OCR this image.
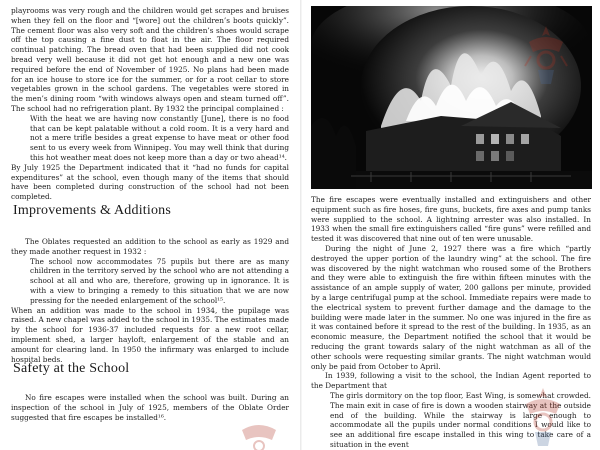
playrooms was very rough and the children would get scrapes and bruises when they fell on the floor and “[wore] out the children’s boots quickly”. The cement floor was also very soft and the children’s shoes would scrape off the top causing a fine dust to float in the air. The floor required continual patching. The bread oven that had been supplied did not cook bread very well because it did not get hot enough and a new one was required before the end of November of 1925. No plans had been made for an ice house to store ice for the summer, or for a root cellar to store vegetables grown in the school gardens. The vegetables were stored in the men’s dining room “with windows always open and steam turned off”. The school had no refrigeration plant. By 1932 the principal complained :

With the heat we are having now constantly [June], there is no food that can be kept palatable without a cold room. It is a very hard and not a mere trifle besides a great expense to have meat or other food sent to us every week from Winnipeg. You may well think that during this hot weather meat does not keep more than a day or two ahead¹⁴.

By July 1925 the Department indicated that it “had no funds for capital expenditures” at the school, even though many of the items that should have been completed during construction of the school had not been completed.

Improvements & Additions

The Oblates requested an addition to the school as early as 1929 and they made another request in 1932 :

The school now accommodates 75 pupils but there are as many children in the territory served by the school who are not attending a school at all and who are, therefore, growing up in ignorance. It is with a view to bringing a remedy to this situation that we are now pressing for the needed enlargement of the school¹⁵.

When an addition was made to the school in 1934, the pupilage was raised. A new chapel was added to the school in 1935. The estimates made by the school for 1936-37 included requests for a new root cellar, implement shed, a larger hayloft, enlargement of the stable and an amount for clearing land. In 1950 the infirmary was enlarged to include hospital beds.

Safety at the School

No fire escapes were installed when the school was built. During an inspection of the school in July of 1925, members of the Oblate Order suggested that fire escapes be installed¹⁶.

The fire escapes were eventually installed and extinguishers and other equipment such as fire hoses, fire guns, buckets, fire axes and pump tanks were supplied to the school. A lightning arrester was also installed. In 1933 when the small fire extinguishers called “fire guns” were refilled and tested it was discovered that nine out of ten were unusable.

During the night of June 2, 1927 there was a fire which “partly destroyed the upper portion of the laundry wing” at the school. The fire was discovered by the night watchman who roused some of the Brothers and they were able to extinguish the fire within fifteen minutes with the assistance of an ample supply of water, 200 gallons per minute, provided by a large centrifugal pump at the school. Immediate repairs were made to the electrical system to prevent further damage and the damage to the building were made later in the summer. No one was injured in the fire as it was contained before it spread to the rest of the building. In 1935, as an economic measure, the Department notified the school that it would be reducing the grant towards salary of the night watchman as all of the other schools were requesting similar grants. The night watchman would only be paid from October to April.

In 1939, following a visit to the school, the Indian Agent reported to the Department that

The girls dormitory on the top floor, East Wing, is somewhat crowded. The main exit in case of fire is down a wooden stairway at the outside end of the building. While the stairway is large enough to accommodate all the pupils under normal conditions I would like to see an additional fire escape installed in this wing to take care of a situation in the event
